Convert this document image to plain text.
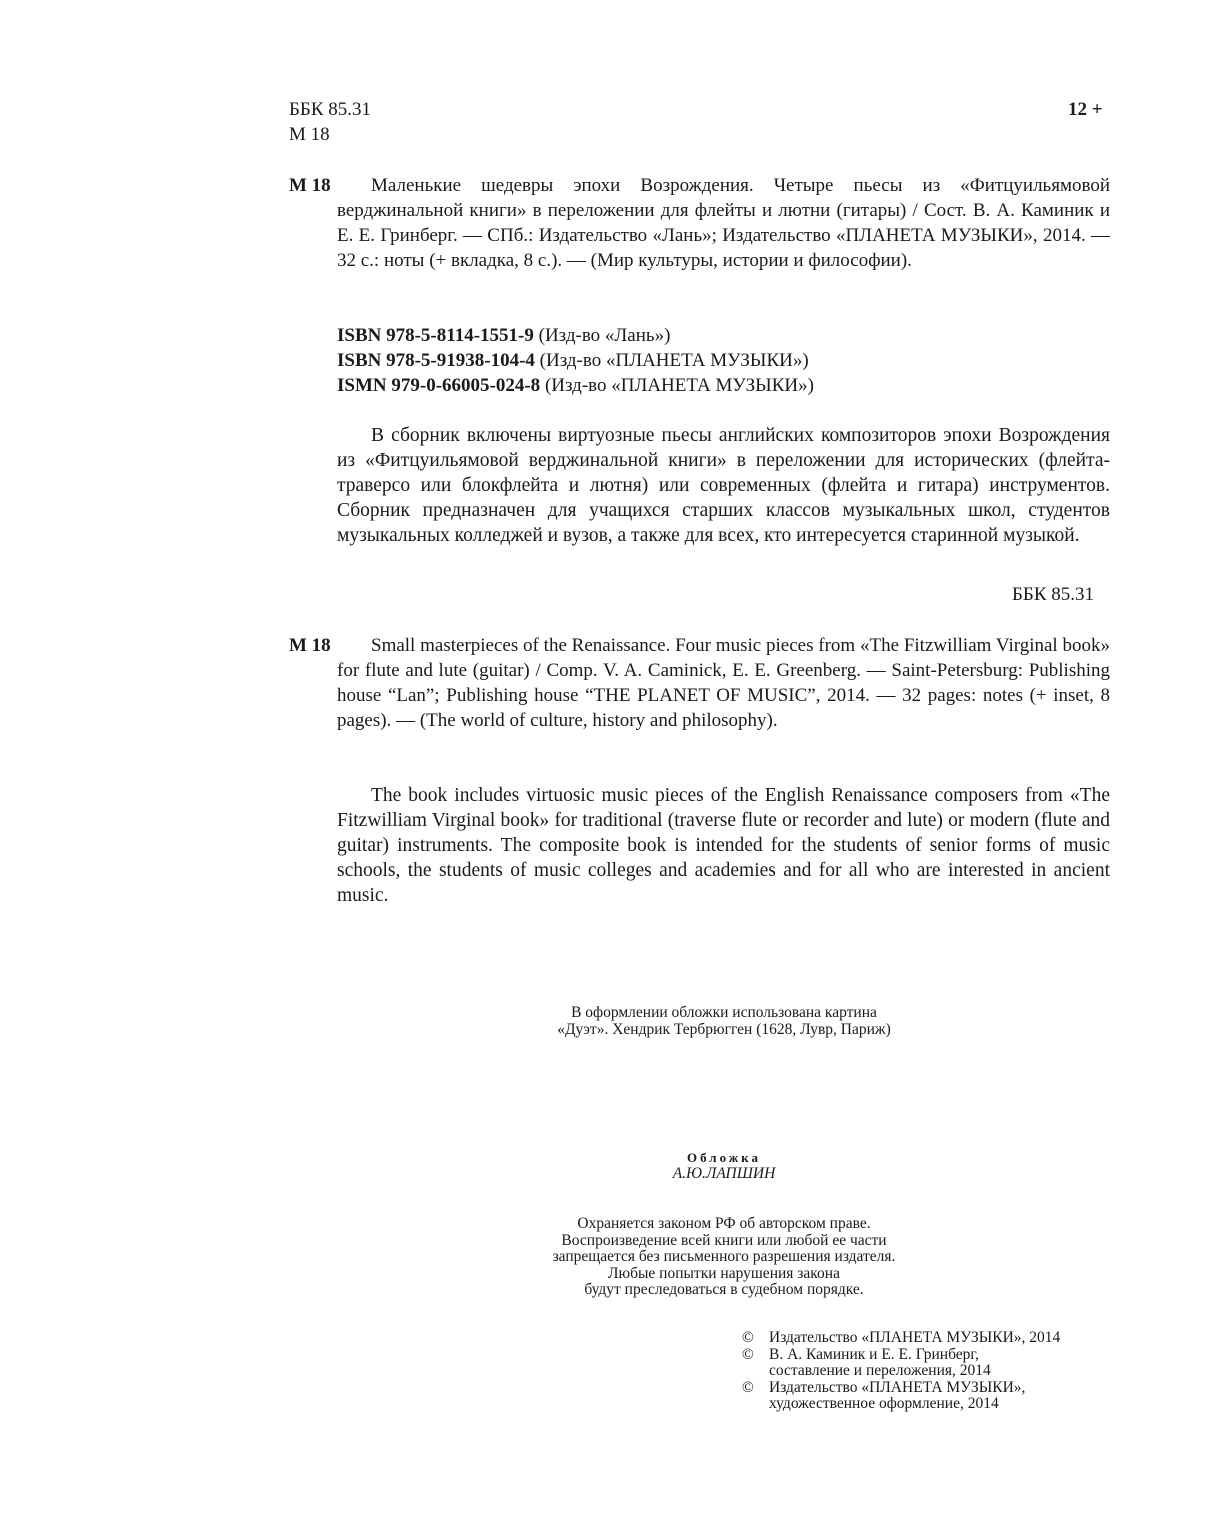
ББК 85.31
М 18
12 +
М 18	Маленькие шедевры эпохи Возрождения. Четыре пьесы из «Фитцуильямовой верджинальной книги» в переложении для флейты и лютни (гитары) / Сост. В. А. Каминик и Е. Е. Гринберг. — СПб.: Издательство «Лань»; Издательство «ПЛАНЕТА МУЗЫКИ», 2014. — 32 с.: ноты (+ вкладка, 8 с.). — (Мир культуры, истории и философии).
ISBN 978-5-8114-1551-9 (Изд-во «Лань»)
ISBN 978-5-91938-104-4 (Изд-во «ПЛАНЕТА МУЗЫКИ»)
ISMN 979-0-66005-024-8 (Изд-во «ПЛАНЕТА МУЗЫКИ»)
В сборник включены виртуозные пьесы английских композиторов эпохи Возрождения из «Фитцуильямовой верджинальной книги» в переложении для исторических (флейта-траверсо или блокфлейта и лютня) или современных (флейта и гитара) инструментов. Сборник предназначен для учащихся старших классов музыкальных школ, студентов музыкальных колледжей и вузов, а также для всех, кто интересуется старинной музыкой.
ББК 85.31
M 18	Small masterpieces of the Renaissance. Four music pieces from «The Fitzwilliam Virginal book» for flute and lute (guitar) / Comp. V. A. Caminick, E. E. Greenberg. — Saint-Petersburg: Publishing house “Lan”; Publishing house “THE PLANET OF MUSIC”, 2014. — 32 pages: notes (+ inset, 8 pages). — (The world of culture, history and philosophy).
The book includes virtuosic music pieces of the English Renaissance composers from «The Fitzwilliam Virginal book» for traditional (traverse flute or recorder and lute) or modern (flute and guitar) instruments. The composite book is intended for the students of senior forms of music schools, the students of music colleges and academies and for all who are interested in ancient music.
В оформлении обложки использована картина
«Дуэт». Хендрик Тербрюгген (1628, Лувр, Париж)
Обложка
А.Ю.ЛАПШИН
Охраняется законом РФ об авторском праве.
Воспроизведение всей книги или любой ее части
запрещается без письменного разрешения издателя.
Любые попытки нарушения закона
будут преследоваться в судебном порядке.
© Издательство «ПЛАНЕТА МУЗЫКИ», 2014
© В. А. Каминик и Е. Е. Гринберг,
составление и переложения, 2014
© Издательство «ПЛАНЕТА МУЗЫКИ»,
художественное оформление, 2014
